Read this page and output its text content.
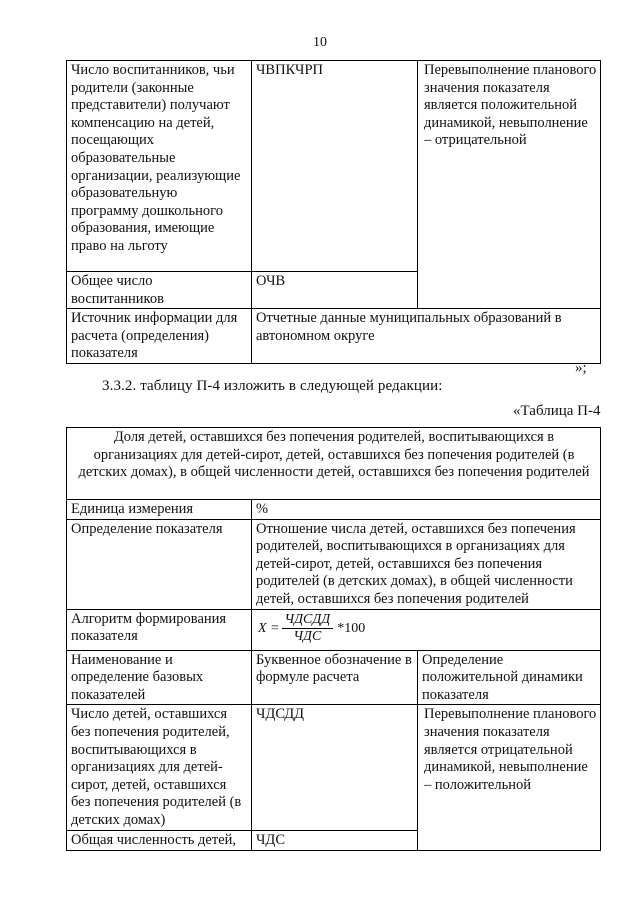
10
Число воспитанников, чьи родители (законные представители) получают компенсацию на детей, посещающих образовательные организации, реализующие образовательную программу дошкольного образования, имеющие право на льготу	ЧВПКЧРП	Перевыполнение планового значения показателя является положительной динамикой, невыполнение – отрицательной
Общее число воспитанников	ОЧВ	
Источник информации для расчета (определения) показателя	Отчетные данные муниципальных образований в автономном округе	
»;
3.3.2. таблицу П-4 изложить в следующей редакции:
«Таблица П-4
Доля детей, оставшихся без попечения родителей, воспитывающихся в организациях для детей-сирот, детей, оставшихся без попечения родителей (в детских домах), в общей численности детей, оставшихся без попечения родителей		
Единица измерения	%	
Определение показателя	Отношение числа детей, оставшихся без попечения родителей, воспитывающихся в организациях для детей-сирот, детей, оставшихся без попечения родителей (в детских домах), в общей численности детей, оставшихся без попечения родителей	
Алгоритм формирования показателя	$X = \frac{\text{ЧДСДД}}{\text{ЧДС}} *100$	

Наименование и определение базовых показателей	Буквенное обозначение в формуле расчета	Определение положительной динамики показателя
Число детей, оставшихся без попечения родителей, воспитывающихся в организациях для детей-сирот, детей, оставшихся без попечения родителей (в детских домах)	ЧДСДД	Перевыполнение планового значения показателя является отрицательной динамикой, невыполнение – положительной
Общая численность детей,	ЧДС	
